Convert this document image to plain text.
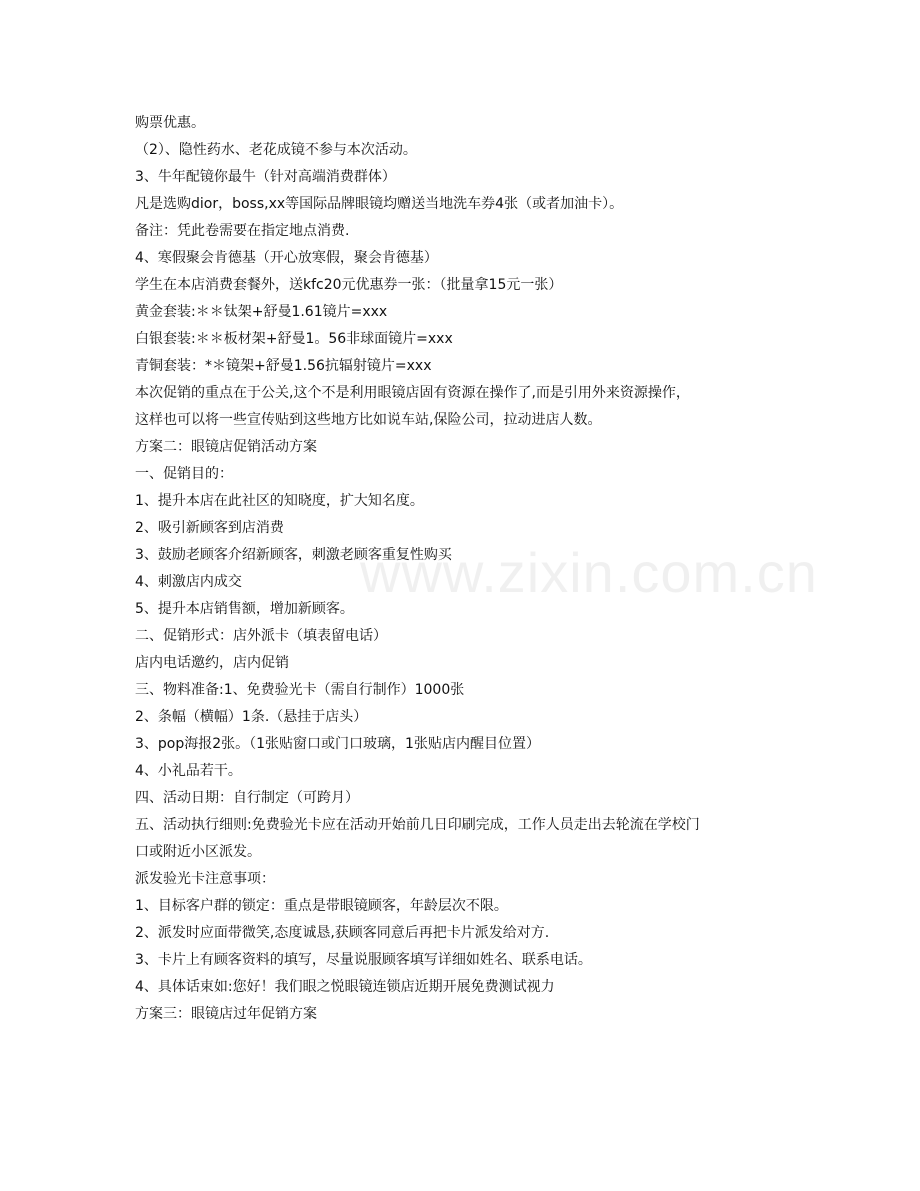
www.zixin.com.cn
购票优惠。
（2）、隐性药水、老花成镜不参与本次活动。
3、牛年配镜你最牛（针对高端消费群体）
凡是选购dior，boss,xx等国际品牌眼镜均赠送当地洗车券4张（或者加油卡）。
备注：凭此卷需要在指定地点消费.
4、寒假聚会肯德基（开心放寒假，聚会肯德基）
学生在本店消费套餐外，送kfc20元优惠券一张：（批量拿15元一张）
黄金套装:＊＊钛架+舒曼1.61镜片=xxx
白银套装:＊＊板材架+舒曼1。56非球面镜片=xxx
青铜套装：*＊镜架+舒曼1.56抗辐射镜片=xxx
本次促销的重点在于公关,这个不是利用眼镜店固有资源在操作了,而是引用外来资源操作，
这样也可以将一些宣传贴到这些地方比如说车站,保险公司，拉动进店人数。
方案二：眼镜店促销活动方案
一、促销目的：
1、提升本店在此社区的知晓度，扩大知名度。
2、吸引新顾客到店消费
3、鼓励老顾客介绍新顾客，刺激老顾客重复性购买
4、刺激店内成交
5、提升本店销售额，增加新顾客。
二、促销形式：店外派卡（填表留电话）
店内电话邀约，店内促销
三、物料准备:1、免费验光卡（需自行制作）1000张
2、条幅（横幅）1条.（悬挂于店头）
3、pop海报2张。（1张贴窗口或门口玻璃，1张贴店内醒目位置）
4、小礼品若干。
四、活动日期：自行制定（可跨月）
五、活动执行细则:免费验光卡应在活动开始前几日印刷完成，工作人员走出去轮流在学校门
口或附近小区派发。
派发验光卡注意事项：
1、目标客户群的锁定：重点是带眼镜顾客，年龄层次不限。
2、派发时应面带微笑,态度诚恳,获顾客同意后再把卡片派发给对方.
3、卡片上有顾客资料的填写，尽量说服顾客填写详细如姓名、联系电话。
4、具体话束如:您好！我们眼之悦眼镜连锁店近期开展免费测试视力
方案三：眼镜店过年促销方案
